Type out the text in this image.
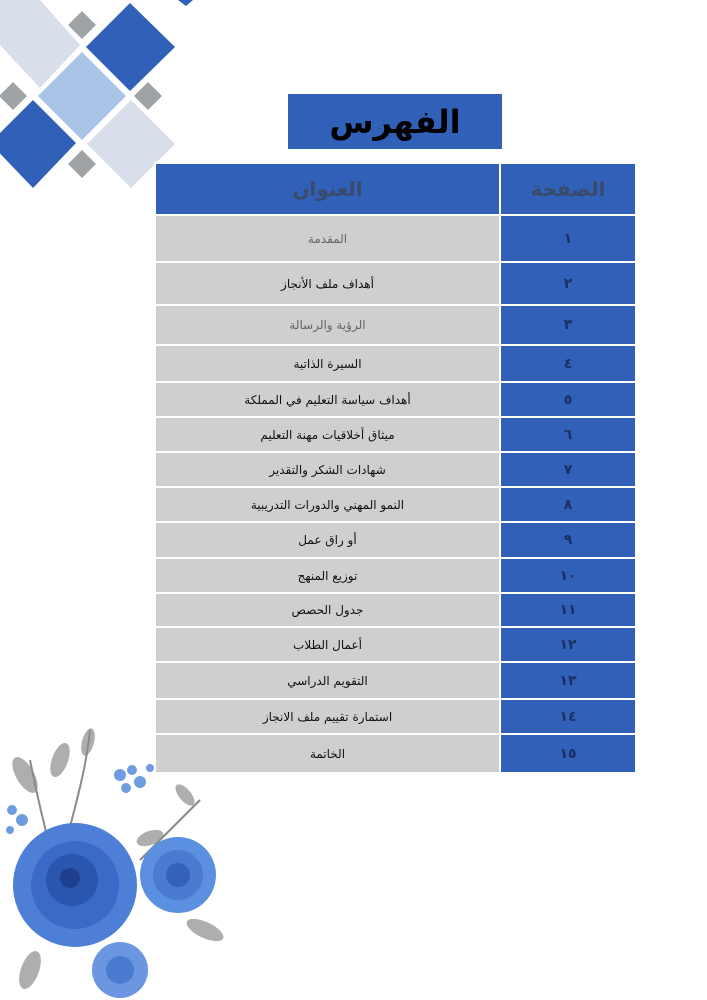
الفهرس
الصفحة	العنوان
١	المقدمة
٢	أهداف ملف الأنجاز
٣	الرؤية والرسالة
٤	السيرة الذاتية
٥	أهداف سياسة التعليم في المملكة
٦	ميثاق أخلاقيات مهنة التعليم
٧	شهادات الشكر والتقدير
٨	النمو المهني والدورات التدريبية
٩	أو راق عمل
١٠	توزيع المنهج
١١	جدول الحصص
١٢	أعمال الطلاب
١٣	التقويم الدراسي
١٤	استمارة تقييم ملف الانجاز
١٥	الخاتمة
